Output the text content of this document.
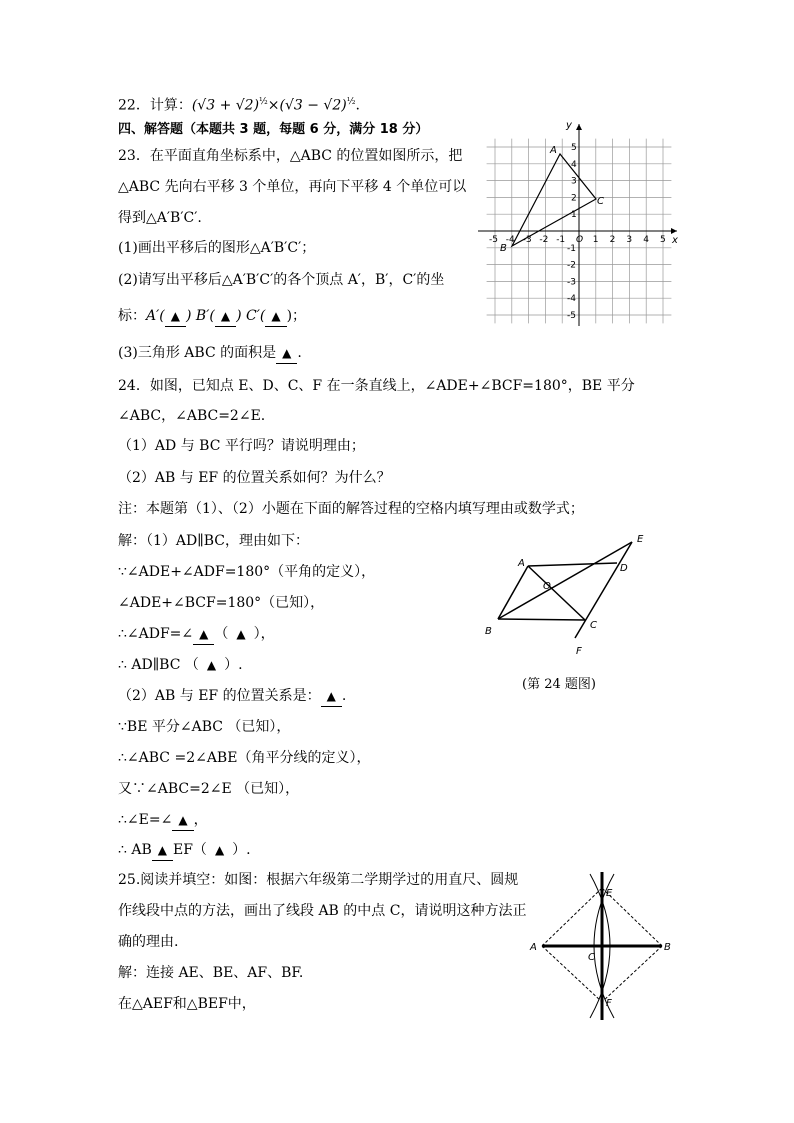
22．计算：$(√3 + √2)^{\frac{1}{2}}\times(√3 - √2)^{\frac{1}{2}}$.
四、解答题（本题共 3 题，每题 6 分，满分 18 分）
23．在平面直角坐标系中，△ABC 的位置如图所示，把
△ABC 先向右平移 3 个单位，再向下平移 4 个单位可以
得到△A′B′C′.
(1)画出平移后的图形△A′B′C′；
(2)请写出平移后△A′B′C′的各个顶点 A′，B′，C′的坐
标：A′( ▲ ) B′( ▲ ) C′( ▲ )；
(3)三角形 ABC 的面积是 ▲ .
x
y
-5 -4 -3 -2 -1 O 1 2 3 4 5
5
4
3
2
1
-1
-2
-3
-4
-5
A
B
C
24．如图，已知点 E、D、C、F 在一条直线上，∠ADE+∠BCF=180°，BE 平分
∠ABC，∠ABC=2∠E.
（1）AD 与 BC 平行吗？请说明理由；
（2）AB 与 EF 的位置关系如何？为什么？
注：本题第（1）、（2）小题在下面的解答过程的空格内填写理由或数学式；
解：（1）AD∥BC，理由如下：
∵∠ADE+∠ADF=180°（平角的定义），
∠ADE+∠BCF=180°（已知），
∴∠ADF=∠ ▲ （ ▲ ），
∴ AD∥BC （ ▲ ）.
（2）AB 与 EF 的位置关系是： ▲ .
∵BE 平分∠ABC （已知），
∴∠ABC =2∠ABE（角平分线的定义），
又∵∠ABC=2∠E （已知），
∴∠E=∠ ▲ ，
∴ AB ▲ EF（ ▲ ）.
A
B
C
D
E
F
O
(第 24 题图)
25.阅读并填空：如图：根据六年级第二学期学过的用直尺、圆规
作线段中点的方法，画出了线段 AB 的中点 C，请说明这种方法正
确的理由.
解：连接 AE、BE、AF、BF.
在△AEF和△BEF中，
A	B
C
E
F
